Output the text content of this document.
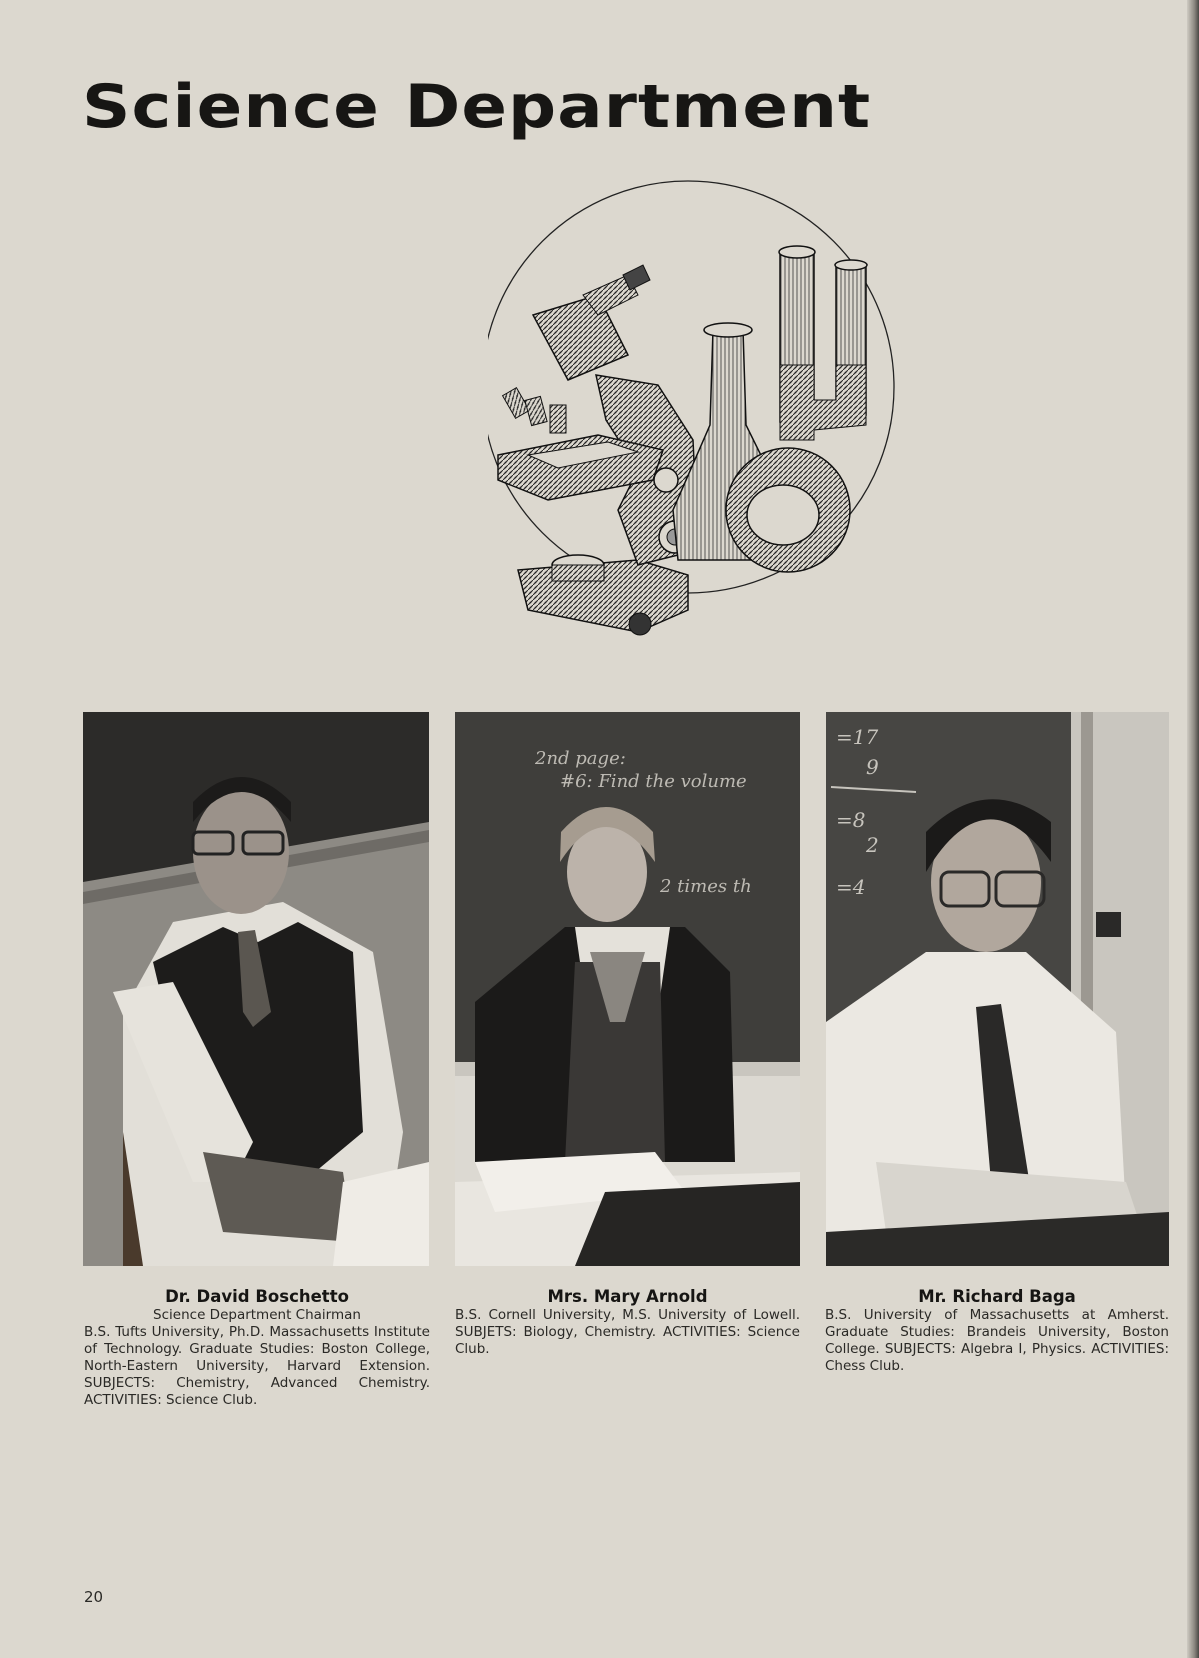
Science Department
2nd page:
#6: Find the volume
2 times th
=17
9
=8
2
=4
Dr. David Boschetto
Science Department Chairman

B.S. Tufts University, Ph.D. Massachusetts Institute of Technology. Graduate Studies: Boston College, North-Eastern University, Harvard Extension. SUBJECTS: Chemistry, Advanced Chemistry. ACTIVITIES: Science Club.

Mrs. Mary Arnold

B.S. Cornell University, M.S. University of Lowell. SUBJETS: Biology, Chemistry. ACTIVITIES: Science Club.

Mr. Richard Baga

B.S. University of Massachusetts at Amherst. Graduate Studies: Brandeis University, Boston College. SUBJECTS: Algebra I, Physics. ACTIVITIES: Chess Club.

20
